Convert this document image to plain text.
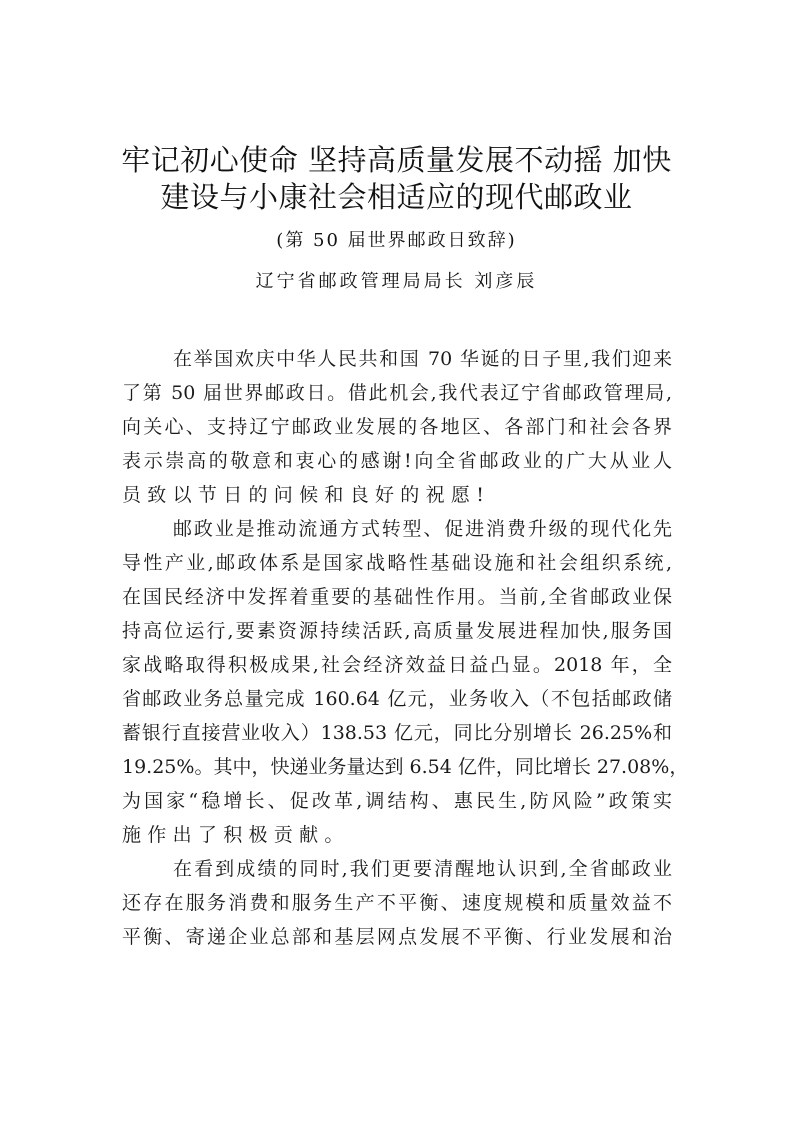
牢记初心使命 坚持高质量发展不动摇 加快
建设与小康社会相适应的现代邮政业
(第 50 届世界邮政日致辞)
辽宁省邮政管理局局长 刘彦辰
在举国欢庆中华人民共和国 70 华诞的日子里,我们迎来
了第 50 届世界邮政日。借此机会,我代表辽宁省邮政管理局,
向关心、支持辽宁邮政业发展的各地区、各部门和社会各界
表示崇高的敬意和衷心的感谢!向全省邮政业的广大从业人
员致以节日的问候和良好的祝愿!
邮政业是推动流通方式转型、促进消费升级的现代化先
导性产业,邮政体系是国家战略性基础设施和社会组织系统,
在国民经济中发挥着重要的基础性作用。当前,全省邮政业保
持高位运行,要素资源持续活跃,高质量发展进程加快,服务国
家战略取得积极成果,社会经济效益日益凸显。2018 年，全
省邮政业务总量完成 160.64 亿元，业务收入（不包括邮政储
蓄银行直接营业收入）138.53 亿元，同比分别增长 26.25%和
19.25%。其中，快递业务量达到 6.54 亿件，同比增长 27.08%，
为国家“稳增长、促改革,调结构、惠民生,防风险”政策实
施作出了积极贡献。
在看到成绩的同时,我们更要清醒地认识到,全省邮政业
还存在服务消费和服务生产不平衡、速度规模和质量效益不
平衡、寄递企业总部和基层网点发展不平衡、行业发展和治
